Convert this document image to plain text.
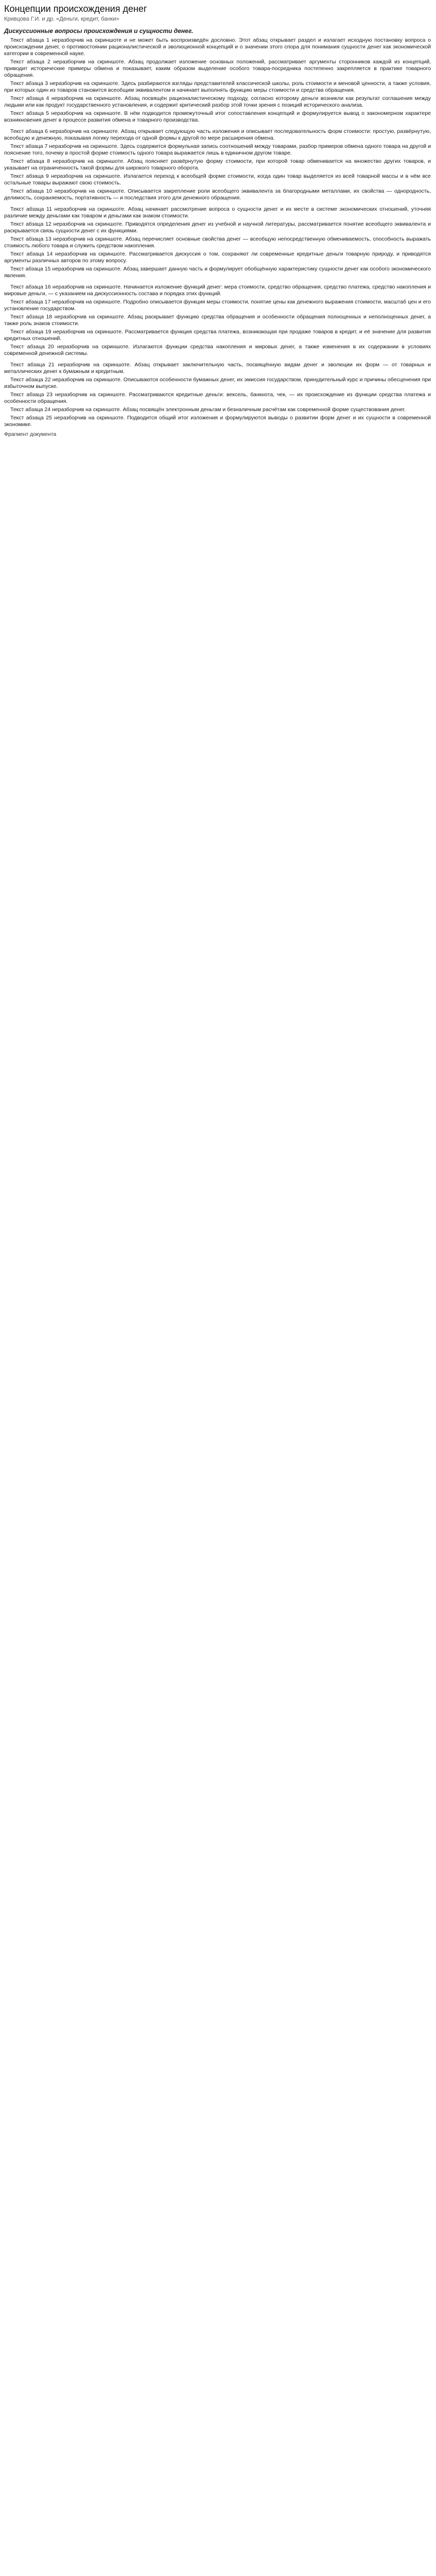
Концепции происхождения денег

Кривцова Г.И. и др. «Деньги, кредит, банки»

Дискуссионные вопросы происхождения и сущности денег.

Текст абзаца 1 неразборчив на скриншоте и не может быть воспроизведён дословно. Этот абзац открывает раздел и излагает исходную постановку вопроса о происхождении денег, о противостоянии рационалистической и эволюционной концепций и о значении этого спора для понимания сущности денег как экономической категории в современной науке.

Текст абзаца 2 неразборчив на скриншоте. Абзац продолжает изложение основных положений, рассматривает аргументы сторонников каждой из концепций, приводит исторические примеры обмена и показывает, каким образом выделение особого товара-посредника постепенно закрепляется в практике товарного обращения.

Текст абзаца 3 неразборчив на скриншоте. Здесь разбираются взгляды представителей классической школы, роль стоимости и меновой ценности, а также условия, при которых один из товаров становится всеобщим эквивалентом и начинает выполнять функцию меры стоимости и средства обращения.

Текст абзаца 4 неразборчив на скриншоте. Абзац посвящён рационалистическому подходу, согласно которому деньги возникли как результат соглашения между людьми или как продукт государственного установления, и содержит критический разбор этой точки зрения с позиций исторического анализа.

Текст абзаца 5 неразборчив на скриншоте. В нём подводится промежуточный итог сопоставления концепций и формулируется вывод о закономерном характере возникновения денег в процессе развития обмена и товарного производства.

Текст абзаца 6 неразборчив на скриншоте. Абзац открывает следующую часть изложения и описывает последовательность форм стоимости: простую, развёрнутую, всеобщую и денежную, показывая логику перехода от одной формы к другой по мере расширения обмена.

Текст абзаца 7 неразборчив на скриншоте. Здесь содержится формульная запись соотношений между товарами, разбор примеров обмена одного товара на другой и пояснение того, почему в простой форме стоимость одного товара выражается лишь в единичном другом товаре.

Текст абзаца 8 неразборчив на скриншоте. Абзац поясняет развёрнутую форму стоимости, при которой товар обменивается на множество других товаров, и указывает на ограниченность такой формы для широкого товарного оборота.

Текст абзаца 9 неразборчив на скриншоте. Излагается переход к всеобщей форме стоимости, когда один товар выделяется из всей товарной массы и в нём все остальные товары выражают свою стоимость.

Текст абзаца 10 неразборчив на скриншоте. Описывается закрепление роли всеобщего эквивалента за благородными металлами, их свойства — однородность, делимость, сохраняемость, портативность — и последствия этого для денежного обращения.

Текст абзаца 11 неразборчив на скриншоте. Абзац начинает рассмотрение вопроса о сущности денег и их месте в системе экономических отношений, уточняя различие между деньгами как товаром и деньгами как знаком стоимости.

Текст абзаца 12 неразборчив на скриншоте. Приводятся определения денег из учебной и научной литературы, рассматривается понятие всеобщего эквивалента и раскрывается связь сущности денег с их функциями.

Текст абзаца 13 неразборчив на скриншоте. Абзац перечисляет основные свойства денег — всеобщую непосредственную обмениваемость, способность выражать стоимость любого товара и служить средством накопления.

Текст абзаца 14 неразборчив на скриншоте. Рассматривается дискуссия о том, сохраняют ли современные кредитные деньги товарную природу, и приводятся аргументы различных авторов по этому вопросу.

Текст абзаца 15 неразборчив на скриншоте. Абзац завершает данную часть и формулирует обобщённую характеристику сущности денег как особого экономического явления.

Текст абзаца 16 неразборчив на скриншоте. Начинается изложение функций денег: мера стоимости, средство обращения, средство платежа, средство накопления и мировые деньги, — с указанием на дискуссионность состава и порядка этих функций.

Текст абзаца 17 неразборчив на скриншоте. Подробно описывается функция меры стоимости, понятие цены как денежного выражения стоимости, масштаб цен и его установление государством.

Текст абзаца 18 неразборчив на скриншоте. Абзац раскрывает функцию средства обращения и особенности обращения полноценных и неполноценных денег, а также роль знаков стоимости.

Текст абзаца 19 неразборчив на скриншоте. Рассматривается функция средства платежа, возникающая при продаже товаров в кредит, и её значение для развития кредитных отношений.

Текст абзаца 20 неразборчив на скриншоте. Излагаются функции средства накопления и мировых денег, а также изменения в их содержании в условиях современной денежной системы.

Текст абзаца 21 неразборчив на скриншоте. Абзац открывает заключительную часть, посвящённую видам денег и эволюции их форм — от товарных и металлических денег к бумажным и кредитным.

Текст абзаца 22 неразборчив на скриншоте. Описываются особенности бумажных денег, их эмиссия государством, принудительный курс и причины обесценения при избыточном выпуске.

Текст абзаца 23 неразборчив на скриншоте. Рассматриваются кредитные деньги: вексель, банкнота, чек, — их происхождение из функции средства платежа и особенности обращения.

Текст абзаца 24 неразборчив на скриншоте. Абзац посвящён электронным деньгам и безналичным расчётам как современной форме существования денег.

Текст абзаца 25 неразборчив на скриншоте. Подводится общий итог изложения и формулируются выводы о развитии форм денег и их сущности в современной экономике.

Фрагмент документа
